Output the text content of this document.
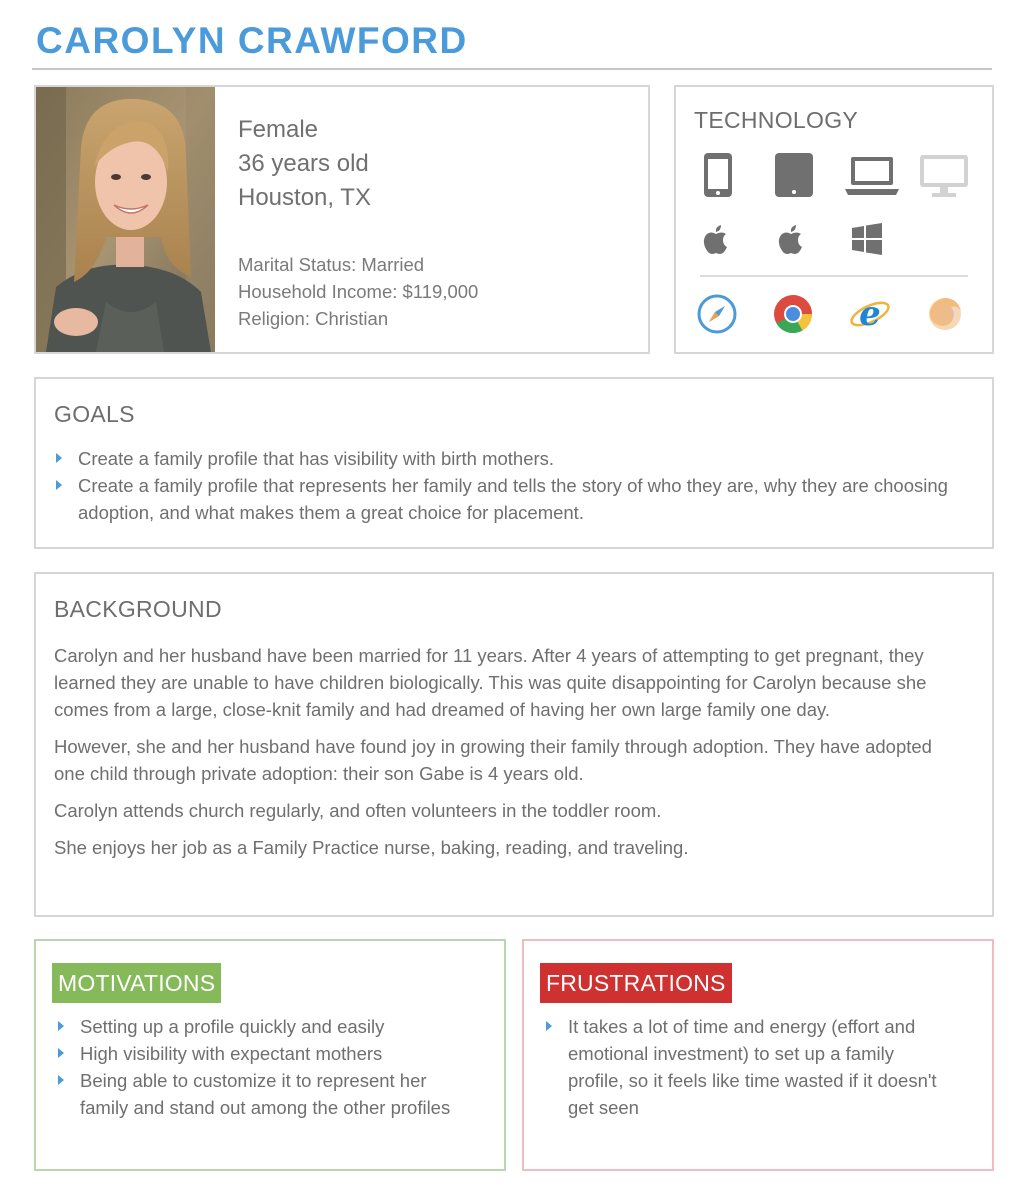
CAROLYN CRAWFORD
Female
36 years old
Houston, TX
Marital Status: Married
Household Income: $119,000
Religion: Christian
TECHNOLOGY
e
GOALS
Create a family profile that has visibility with birth mothers.
Create a family profile that represents her family and tells the story of who they are, why they are choosing adoption, and what makes them a great choice for placement.
BACKGROUND

Carolyn and her husband have been married for 11 years. After 4 years of attempting to get pregnant, they learned they are unable to have children biologically. This was quite disappointing for Carolyn because she comes from a large, close-knit family and had dreamed of having her own large family one day.

However, she and her husband have found joy in growing their family through adoption. They have adopted one child through private adoption: their son Gabe is 4 years old.

Carolyn attends church regularly, and often volunteers in the toddler room.

She enjoys her job as a Family Practice nurse, baking, reading, and traveling.

MOTIVATIONS
Setting up a profile quickly and easily
High visibility with expectant mothers
Being able to customize it to represent her family and stand out among the other profiles
FRUSTRATIONS
It takes a lot of time and energy (effort and emotional investment) to set up a family profile, so it feels like time wasted if it doesn't get seen
